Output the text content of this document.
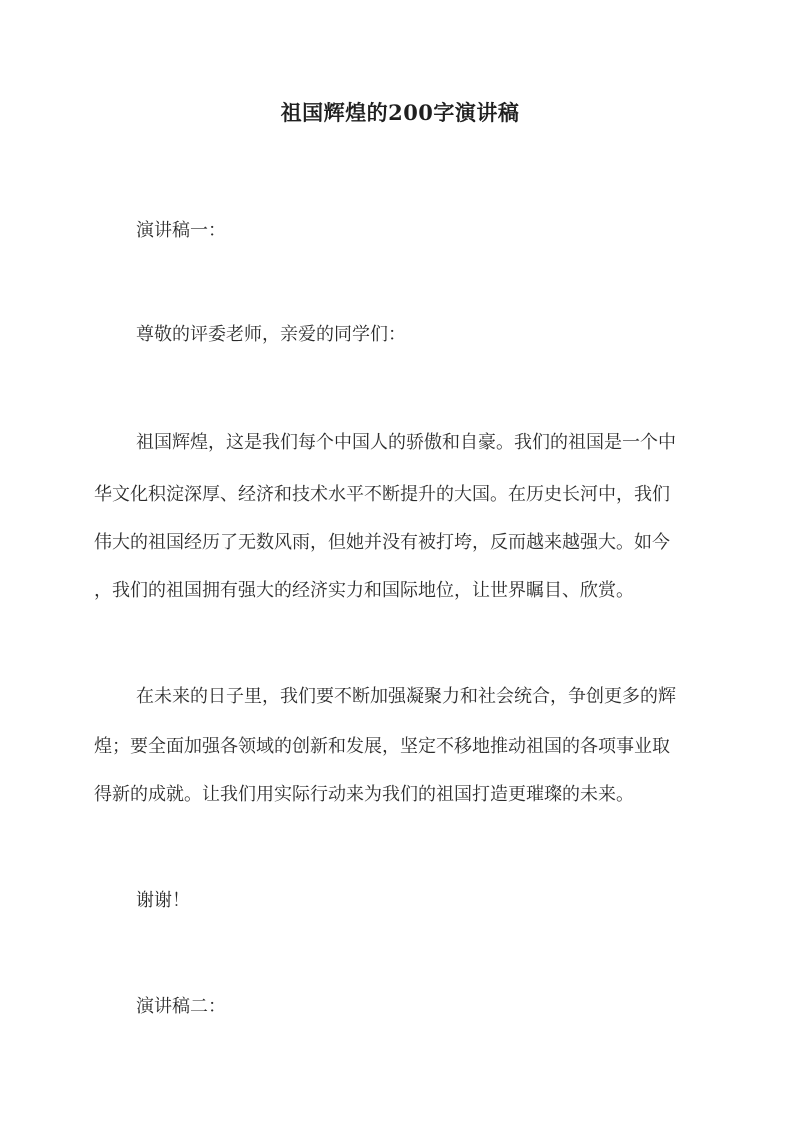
祖国辉煌的200字演讲稿
演讲稿一：
尊敬的评委老师，亲爱的同学们：
祖国辉煌，这是我们每个中国人的骄傲和自豪。我们的祖国是一个中
华文化积淀深厚、经济和技术水平不断提升的大国。在历史长河中，我们
伟大的祖国经历了无数风雨，但她并没有被打垮，反而越来越强大。如今
，我们的祖国拥有强大的经济实力和国际地位，让世界瞩目、欣赏。
在未来的日子里，我们要不断加强凝聚力和社会统合，争创更多的辉
煌；要全面加强各领域的创新和发展，坚定不移地推动祖国的各项事业取
得新的成就。让我们用实际行动来为我们的祖国打造更璀璨的未来。
谢谢！
演讲稿二：
